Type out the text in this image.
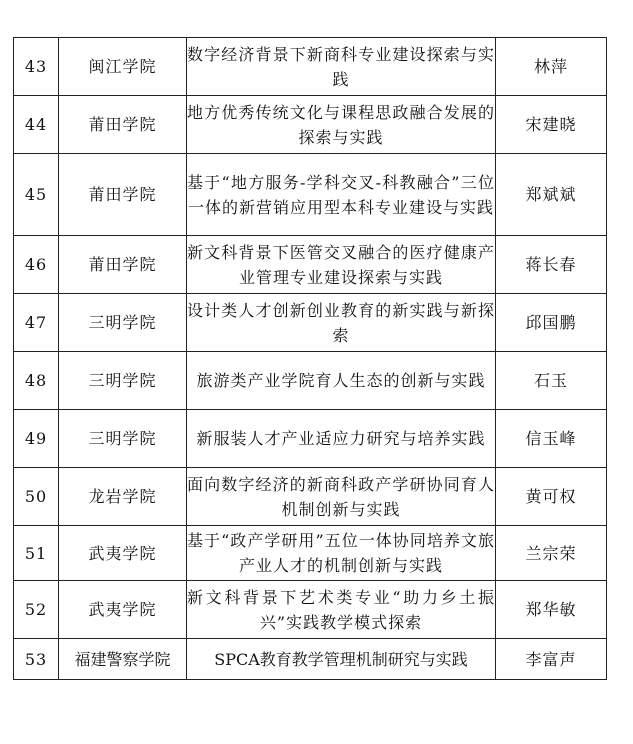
43	闽江学院	数字经济背景下新商科专业建设探索与实践	林萍
44	莆田学院	地方优秀传统文化与课程思政融合发展的探索与实践	宋建晓
45	莆田学院	基于“地方服务-学科交叉-科教融合”三位一体的新营销应用型本科专业建设与实践	郑斌斌
46	莆田学院	新文科背景下医管交叉融合的医疗健康产业管理专业建设探索与实践	蒋长春
47	三明学院	设计类人才创新创业教育的新实践与新探索	邱国鹏
48	三明学院	旅游类产业学院育人生态的创新与实践	石玉
49	三明学院	新服装人才产业适应力研究与培养实践	信玉峰
50	龙岩学院	面向数字经济的新商科政产学研协同育人机制创新与实践	黄可权
51	武夷学院	基于“政产学研用”五位一体协同培养文旅产业人才的机制创新与实践	兰宗荣
52	武夷学院	新文科背景下艺术类专业“助力乡土振兴”实践教学模式探索	郑华敏
53	福建警察学院	SPCA教育教学管理机制研究与实践	李富声
